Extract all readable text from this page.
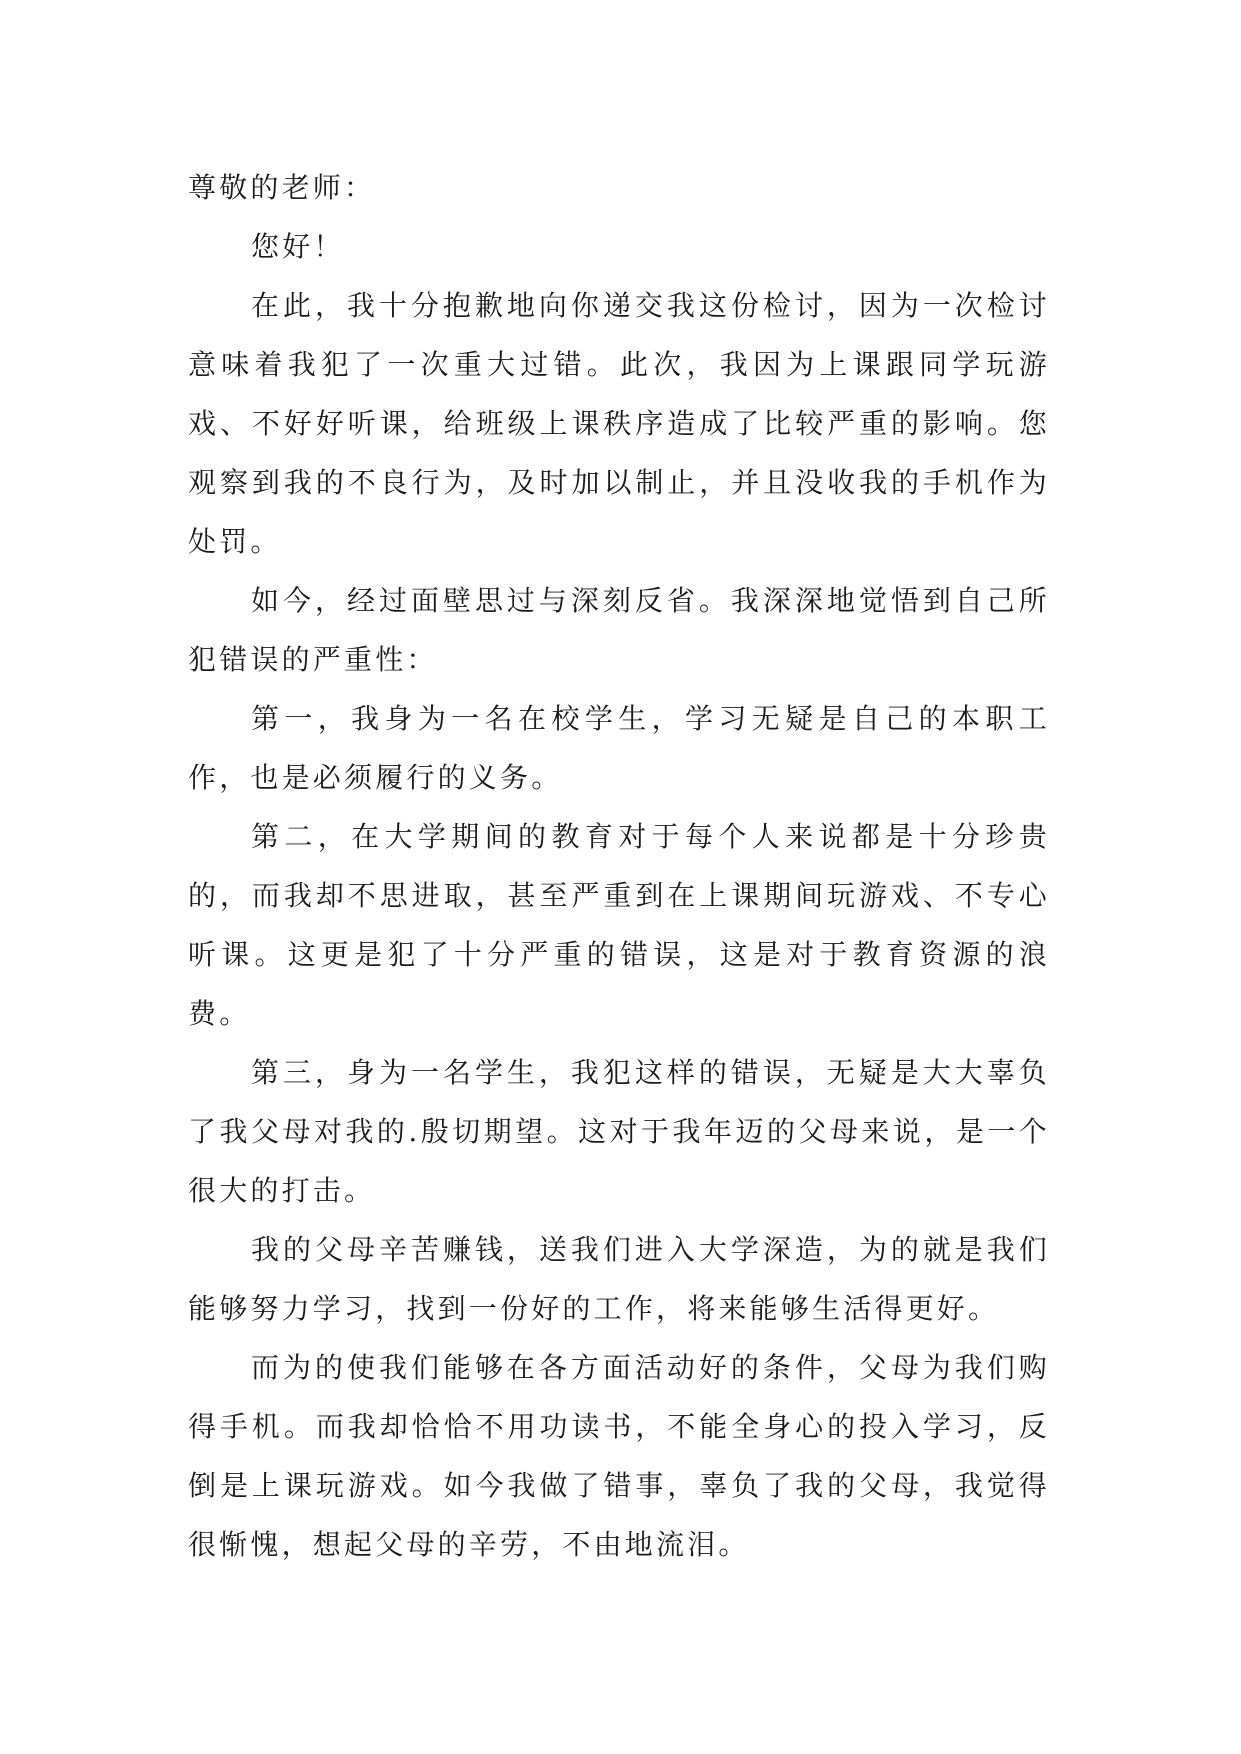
尊敬的老师：

您好！

在此，我十分抱歉地向你递交我这份检讨，因为一次检讨意味着我犯了一次重大过错。此次，我因为上课跟同学玩游戏、不好好听课，给班级上课秩序造成了比较严重的影响。您观察到我的不良行为，及时加以制止，并且没收我的手机作为处罚。

如今，经过面壁思过与深刻反省。我深深地觉悟到自己所犯错误的严重性：

第一，我身为一名在校学生，学习无疑是自己的本职工作，也是必须履行的义务。

第二，在大学期间的教育对于每个人来说都是十分珍贵的，而我却不思进取，甚至严重到在上课期间玩游戏、不专心听课。这更是犯了十分严重的错误，这是对于教育资源的浪费。

第三，身为一名学生，我犯这样的错误，无疑是大大辜负了我父母对我的.殷切期望。这对于我年迈的父母来说，是一个很大的打击。

我的父母辛苦赚钱，送我们进入大学深造，为的就是我们能够努力学习，找到一份好的工作，将来能够生活得更好。

而为的使我们能够在各方面活动好的条件，父母为我们购得手机。而我却恰恰不用功读书，不能全身心的投入学习，反倒是上课玩游戏。如今我做了错事，辜负了我的父母，我觉得很惭愧，想起父母的辛劳，不由地流泪。
